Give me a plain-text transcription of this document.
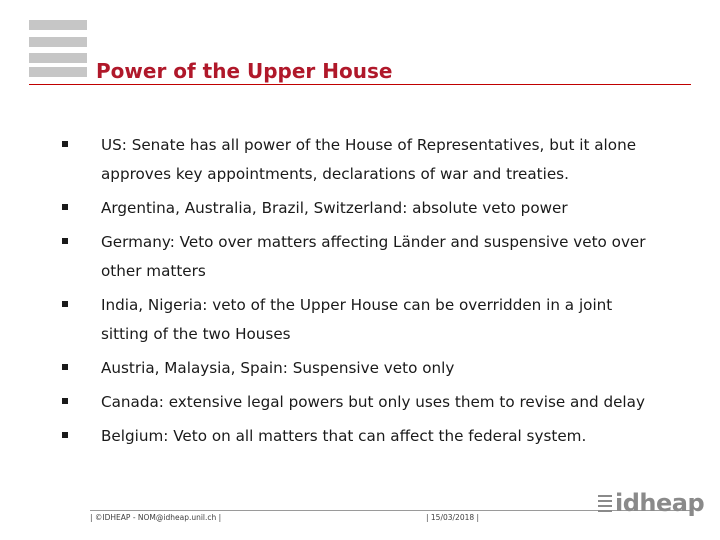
Power of the Upper House
US: Senate has all power of the House of Representatives, but it alone approves key appointments, declarations of war and treaties.
Argentina, Australia, Brazil, Switzerland: absolute veto power
Germany: Veto over matters affecting Länder and suspensive veto over other matters
India, Nigeria: veto of the Upper House can be overridden in a joint sitting of the two Houses
Austria, Malaysia, Spain: Suspensive veto only
Canada: extensive legal powers but only uses them to revise and delay
Belgium: Veto on all matters that can affect the federal system.
| ©IDHEAP - NOM@idheap.unil.ch |	| 15/03/2018 |
idheap
